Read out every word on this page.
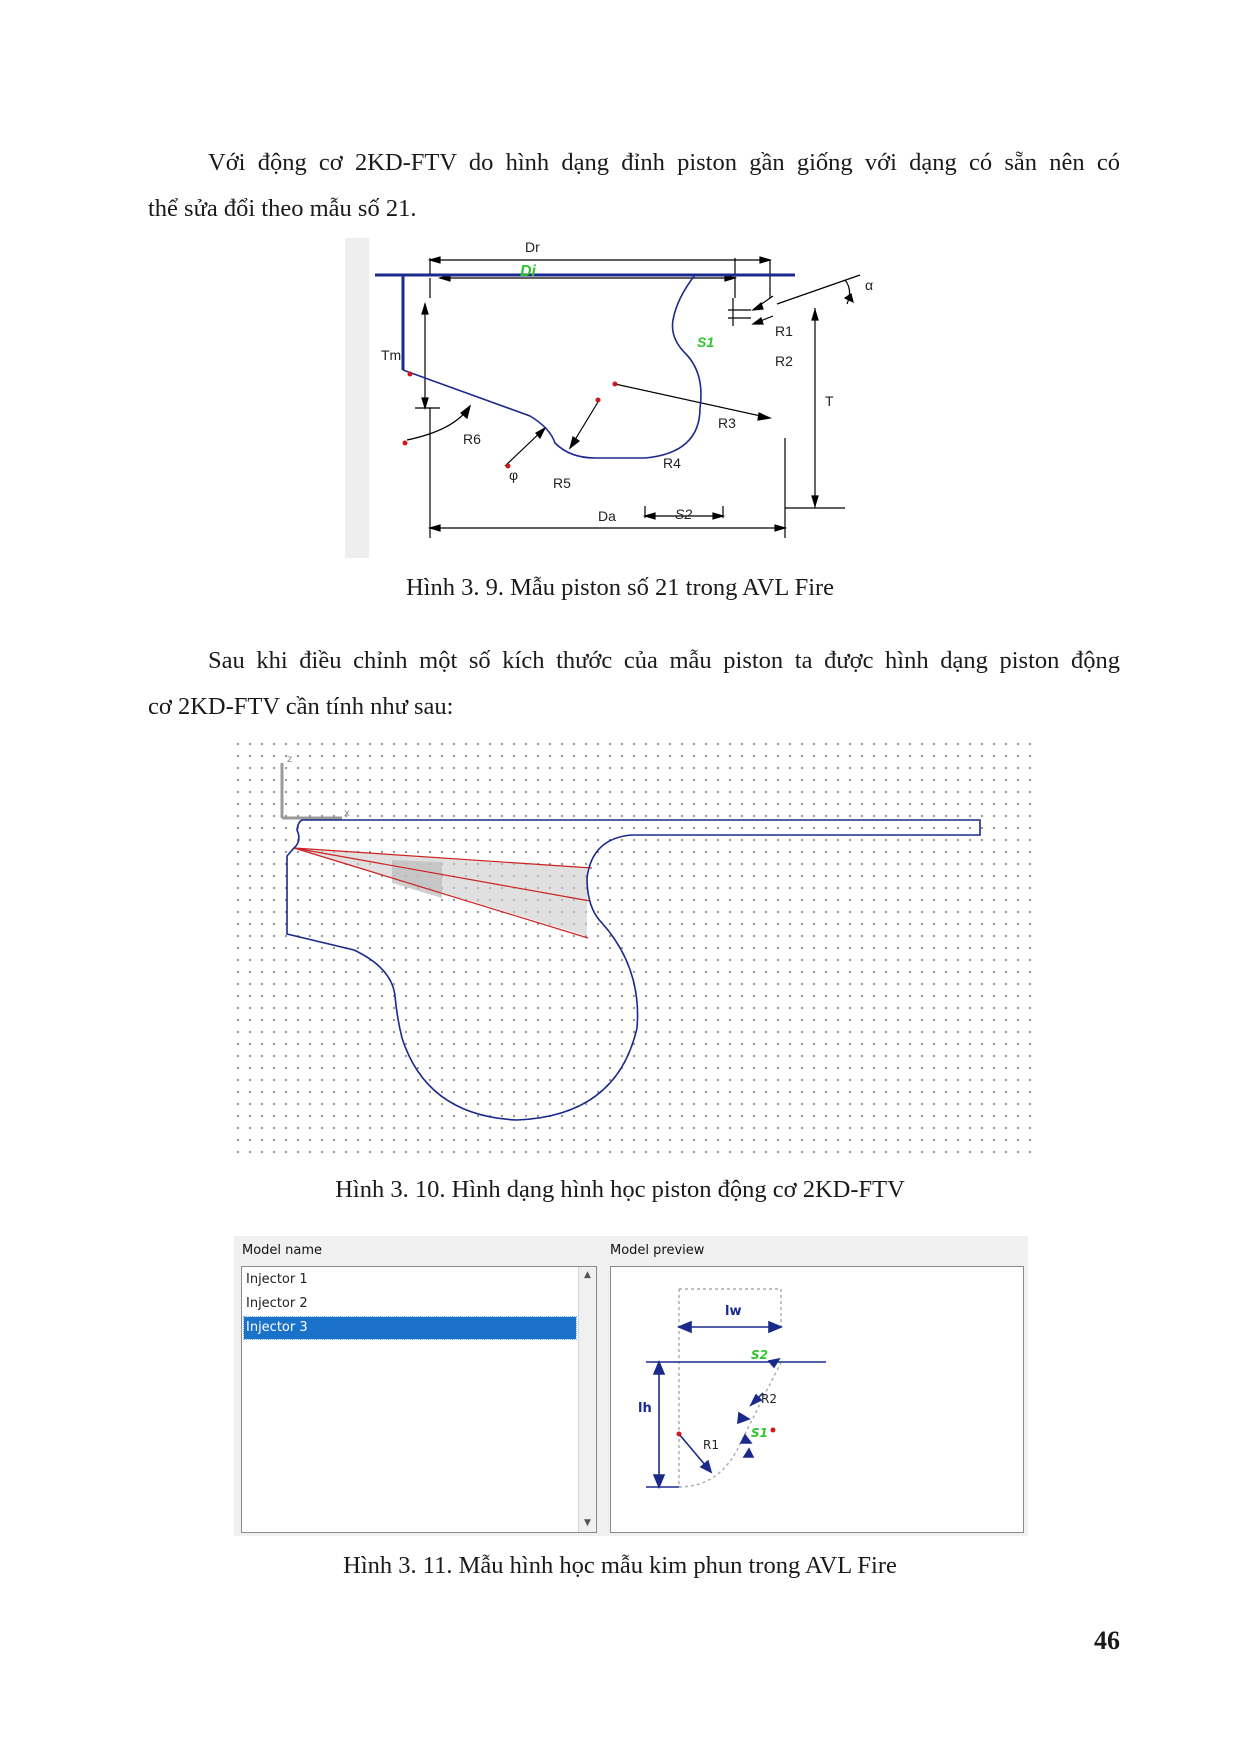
Với động cơ 2KD-FTV do hình dạng đỉnh piston gần giống với dạng có sẵn nên có
thể sửa đổi theo mẫu số 21.
Dr
Di
α
R1
R2
S1
Tm
T
R3
R4
R5
R6
φ
Da	S2
Hình 3. 9. Mẫu piston số 21 trong AVL Fire
Sau khi điều chỉnh một số kích thước của mẫu piston ta được hình dạng piston động
cơ 2KD-FTV cần tính như sau:
z
x
Hình 3. 10. Hình dạng hình học piston động cơ 2KD-FTV
Model name	Model preview
Injector 1
Injector 2
Injector 3
▲
▼
lw
lh
S2
R2
S1
R1
Hình 3. 11. Mẫu hình học mẫu kim phun trong AVL Fire
46
